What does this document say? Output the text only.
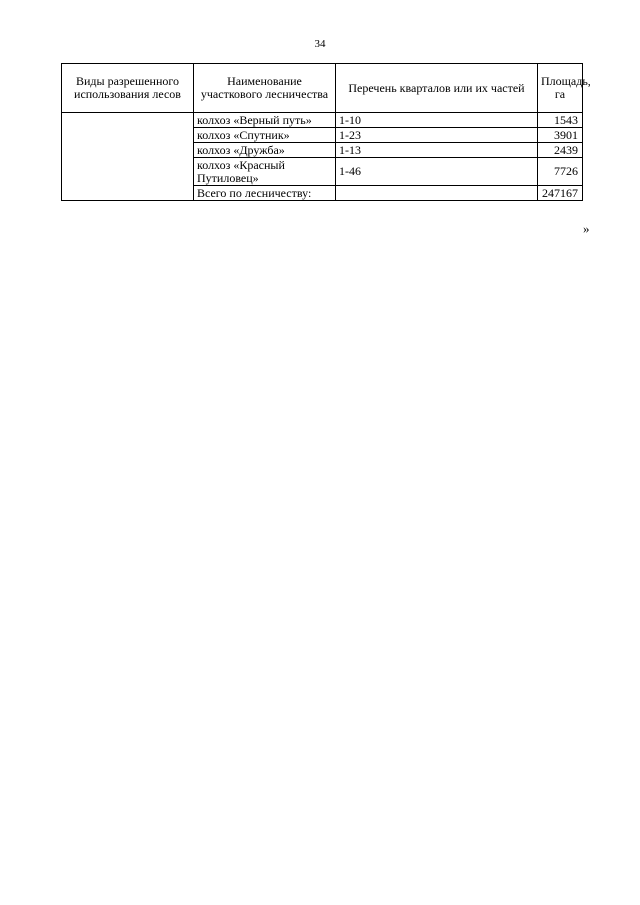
34
Виды разрешенного использования лесов	Наименование участкового лесничества	Перечень кварталов или их частей	Площадь, га
	колхоз «Верный путь»	1-10	1543
	колхоз «Спутник»	1-23	3901
	колхоз «Дружба»	1-13	2439
	колхоз «Красный Путиловец»	1-46	7726
	Всего по лесничеству:		247167
»
